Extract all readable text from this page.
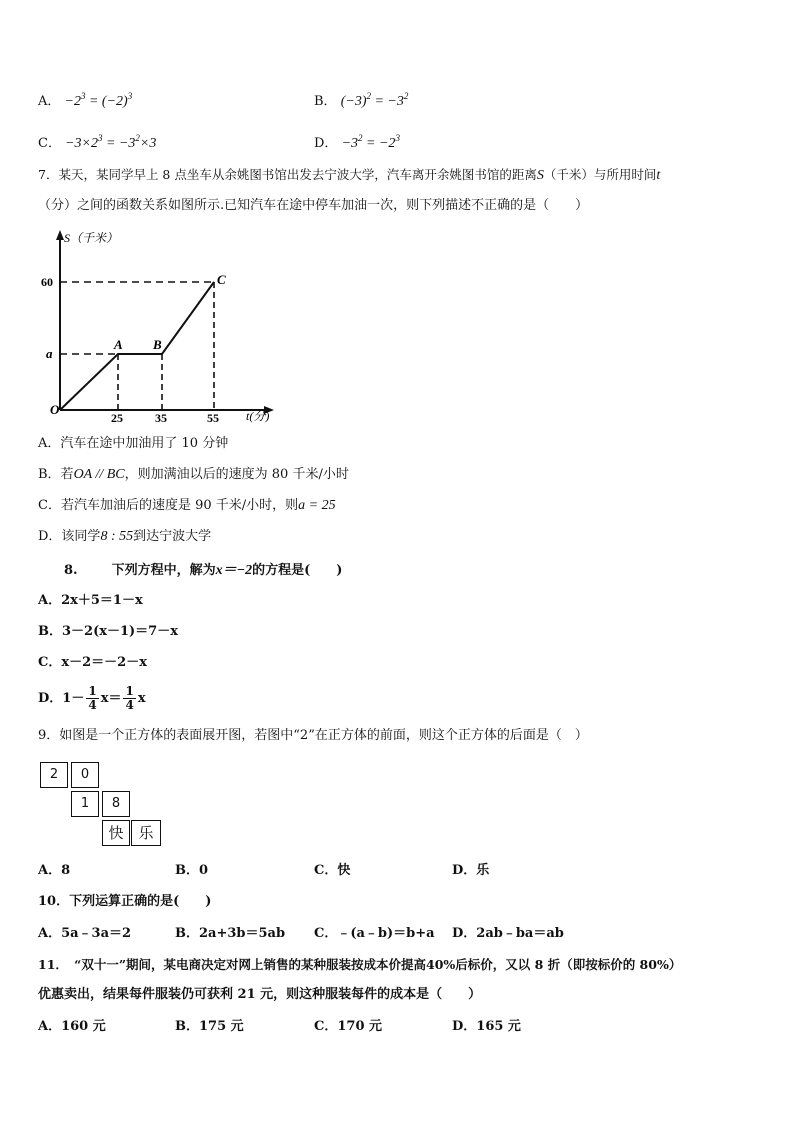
A． $-2^3 = (-2)^3$	B． $(-3)^2 = -3^2$
C． $-3\times 2^3 = -3^2\times 3$	D． $-3^2 = -2^3$
7．某天，某同学早上 8 点坐车从余姚图书馆出发去宁波大学，汽车离开余姚图书馆的距离S（千米）与所用时间t
（分）之间的函数关系如图所示.已知汽车在途中停车加油一次，则下列描述不正确的是（　　）
S（千米）
t(分)
O
60
a
25	35	55
A B
C
A．汽车在途中加油用了 10 分钟
B．若OA // BC，则加满油以后的速度为 80 千米/小时
C．若汽车加油后的速度是 90 千米/小时，则a = 25
D．该同学8 : 55到达宁波大学
8.	下列方程中，解为x＝−2的方程是(　　)
A．2x＋5＝1－x
B．3－2(x－1)＝7－x
C．x－2＝－2－x
D．$1- \frac{1}{4} x= \frac{1}{4}$ x
9．如图是一个正方体的表面展开图，若图中“2”在正方体的前面，则这个正方体的后面是（　）
2	0
1	8
快 乐
A．8	B．0	C．快	D．乐
10．下列运算正确的是(　　)
A．5a﹣3a＝2	B．2a+3b＝5ab C．﹣(a﹣b)＝b+a D．2ab﹣ba＝ab
11．　“双十一”期间，某电商决定对网上销售的某种服装按成本价提高40%后标价，又以 8 折（即按标价的 80%）
优惠卖出，结果每件服装仍可获利 21 元，则这种服装每件的成本是（　　）
A．160 元	B．175 元	C．170 元	D．165 元
